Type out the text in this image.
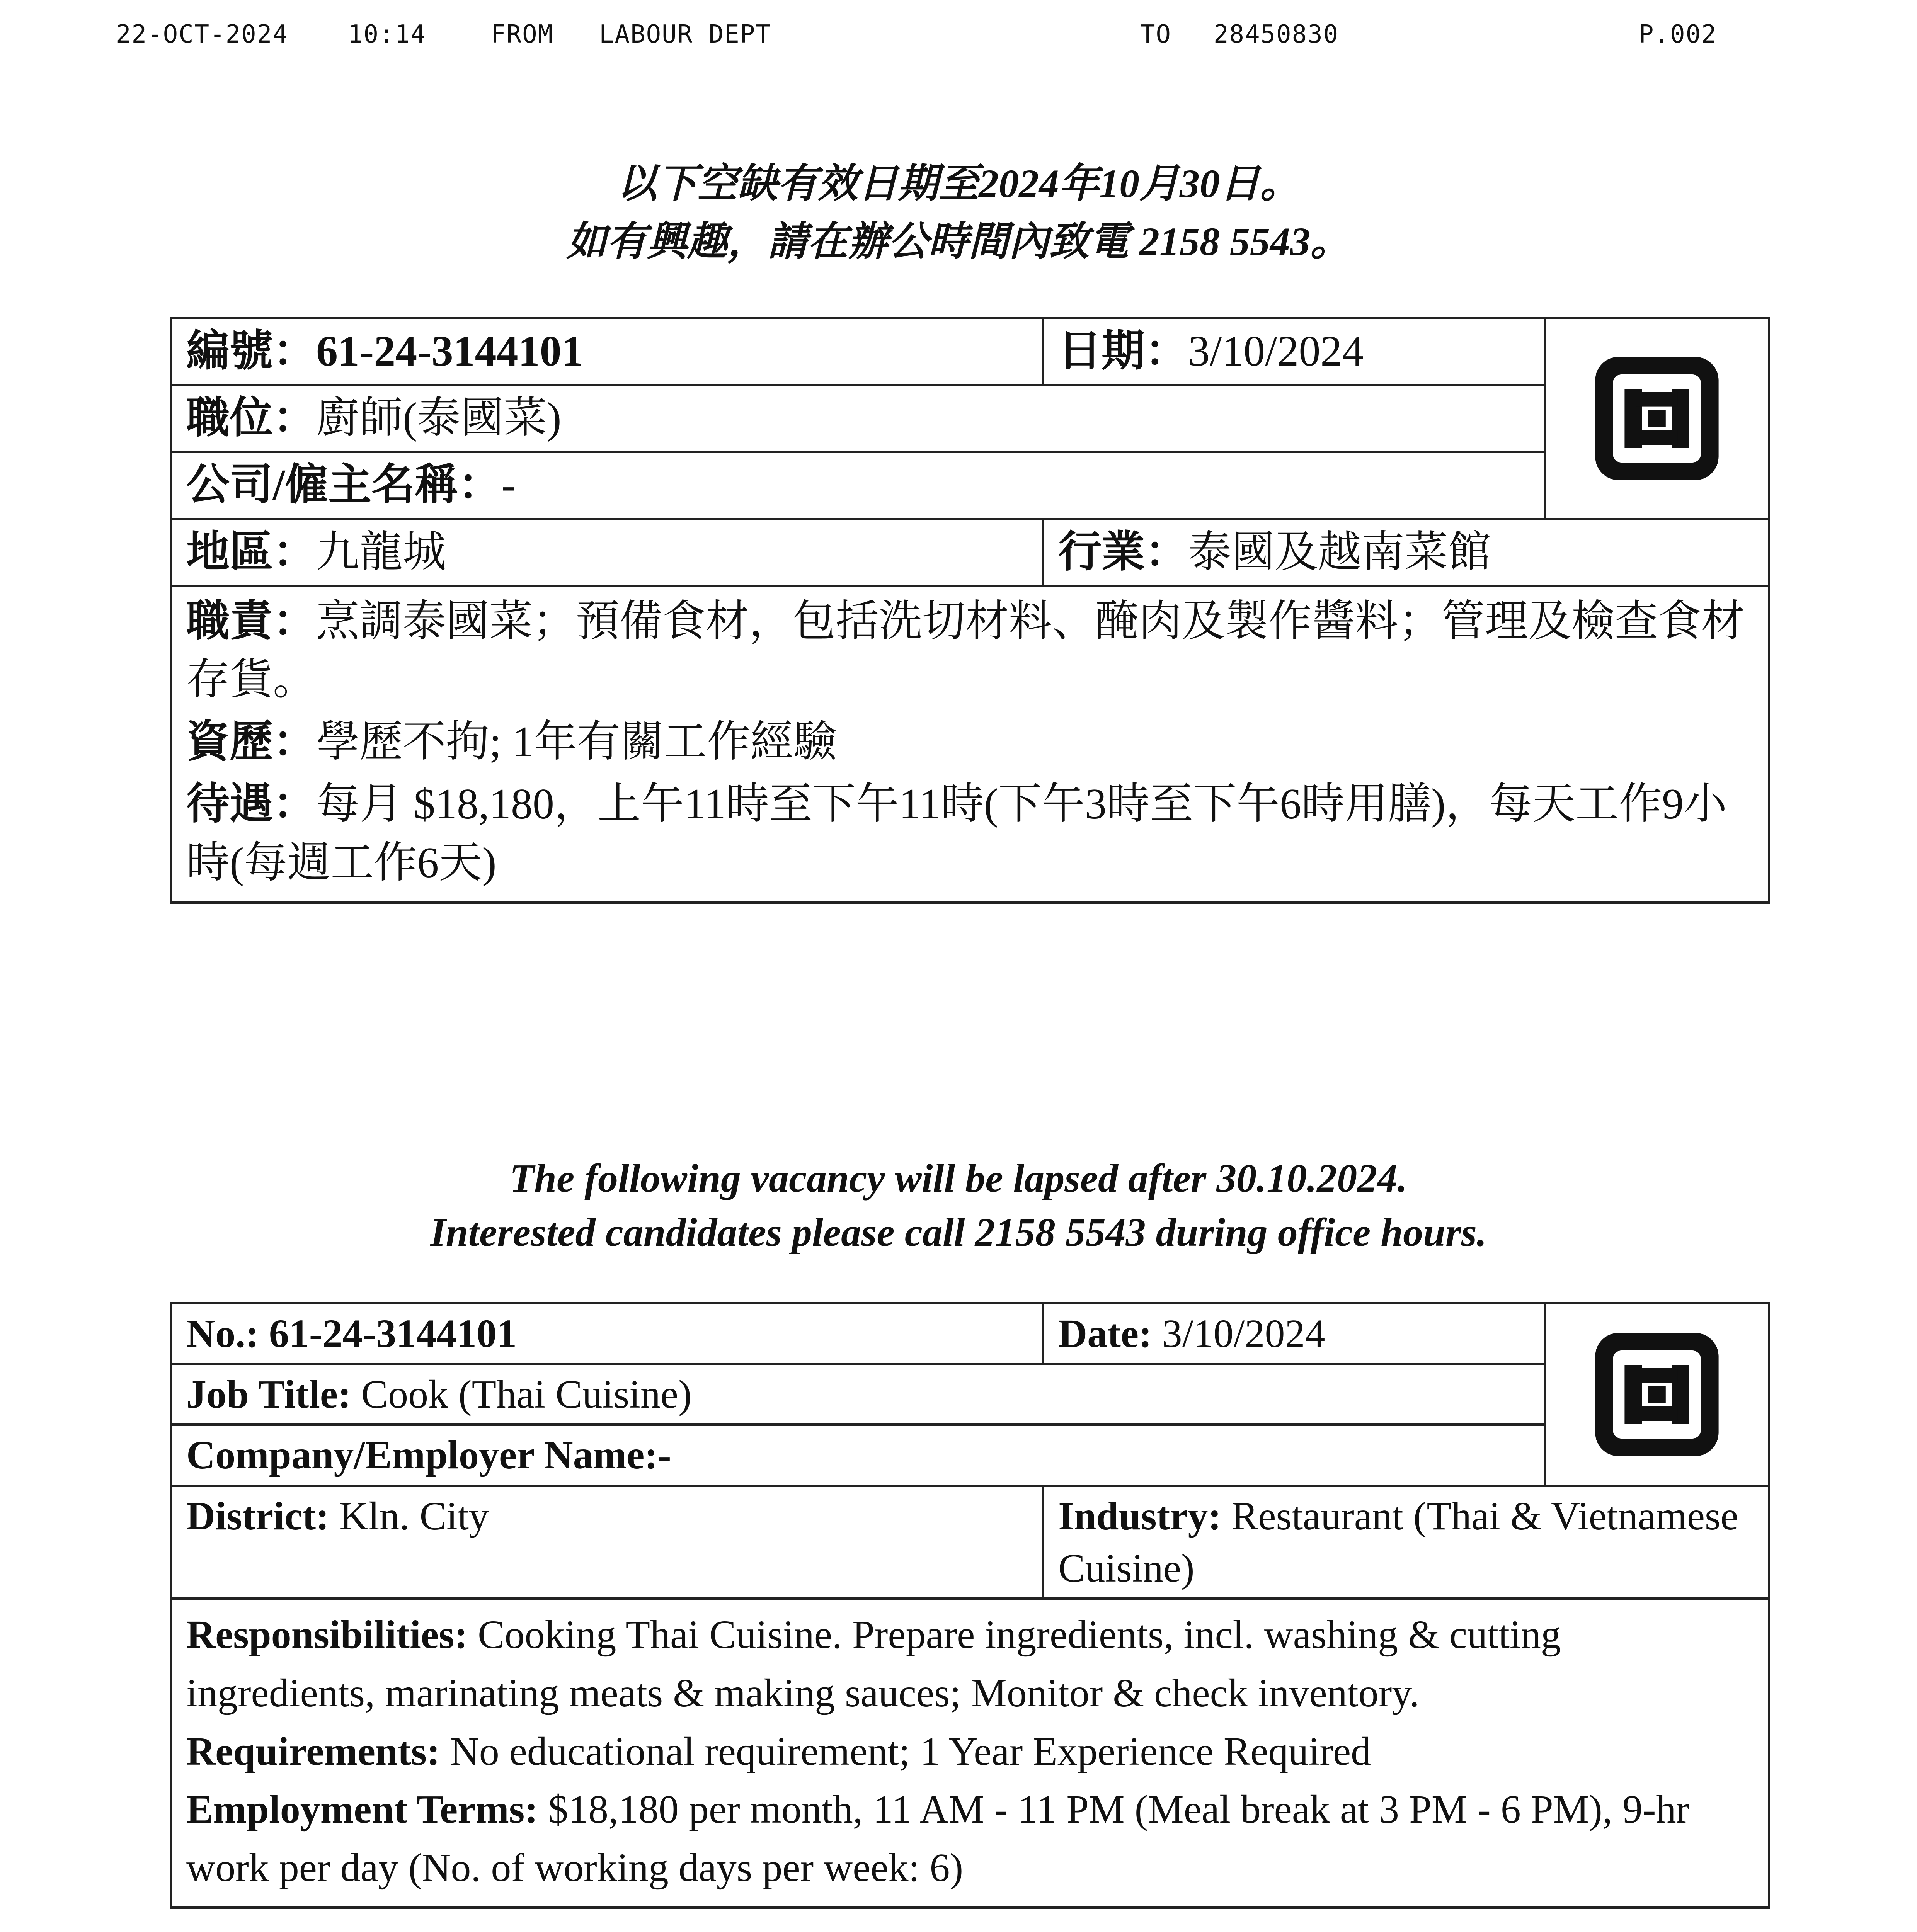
22-OCT-2024 10:14	FROM LABOUR DEPT	TO 28450830	P.002
以下空缺有效日期至2024年10月30日。
如有興趣，請在辦公時間內致電 2158 5543。
編號：61-24-3144101	日期：3/10/2024	

職位：廚師(泰國菜)		
公司/僱主名稱：-		
地區：九龍城	行業：泰國及越南菜館	

職責：烹調泰國菜；預備食材，包括洗切材料、醃肉及製作醬料；管理及檢查食材存貨。
資歷：學歷不拘; 1年有關工作經驗
待遇：每月 $18,180，上午11時至下午11時(下午3時至下午6時用膳)，每天工作9小時(每週工作6天)		
The following vacancy will be lapsed after 30.10.2024.
Interested candidates please call 2158 5543 during office hours.
No.: 61-24-3144101	Date: 3/10/2024	

Job Title: Cook (Thai Cuisine)		
Company/Employer Name:-		
District: Kln. City	Industry: Restaurant (Thai & Vietnamese Cuisine)	

Responsibilities: Cooking Thai Cuisine. Prepare ingredients, incl. washing & cutting ingredients, marinating meats & making sauces; Monitor & check inventory.
Requirements: No educational requirement; 1 Year Experience Required
Employment Terms: $18,180 per month, 11 AM - 11 PM (Meal break at 3 PM - 6 PM), 9-hr work per day (No. of working days per week: 6)		
